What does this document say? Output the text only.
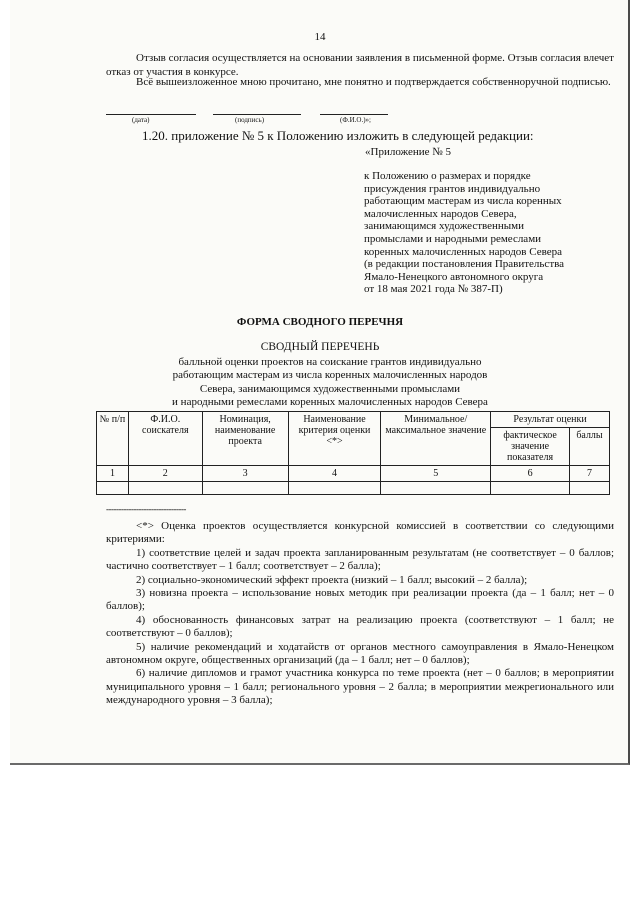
14
Отзыв согласия осуществляется на основании заявления в письменной форме. Отзыв согласия влечет отказ от участия в конкурсе.
Всё вышеизложенное мною прочитано, мне понятно и подтверждается собственноручной подписью.
(дата)	(подпись)	(Ф.И.О.)»;
1.20. приложение № 5 к Положению изложить в следующей редакции:
«Приложение № 5
к Положению о размерах и порядке
присуждения грантов индивидуально
работающим мастерам из числа коренных
малочисленных народов Севера,
занимающимся художественными
промыслами и народными ремеслами
коренных малочисленных народов Севера
(в редакции постановления Правительства
Ямало-Ненецкого автономного округа
от 18 мая 2021 года № 387-П)
ФОРМА СВОДНОГО ПЕРЕЧНЯ
СВОДНЫЙ ПЕРЕЧЕНЬ
балльной оценки проектов на соискание грантов индивидуально
работающим мастерам из числа коренных малочисленных народов
Севера, занимающимся художественными промыслами
и народными ремеслами коренных малочисленных народов Севера
№ п/п	Ф.И.О. соискателя	Номинация, наименование проекта	Наименование критерия оценки <*>	Минимальное/ максимальное значение	Результат оценки	
					фактическое значение показателя	баллы
1	2	3	4	5	6	7

--------------------------------
<*> Оценка проектов осуществляется конкурсной комиссией в соответствии со следующими критериями:
1) соответствие целей и задач проекта запланированным результатам (не соответствует – 0 баллов; частично соответствует – 1 балл; соответствует – 2 балла);
2) социально-экономический эффект проекта (низкий – 1 балл; высокий – 2 балла);
3) новизна проекта – использование новых методик при реализации проекта (да – 1 балл; нет – 0 баллов);
4) обоснованность финансовых затрат на реализацию проекта (соответствуют – 1 балл; не соответствуют – 0 баллов);
5) наличие рекомендаций и ходатайств от органов местного самоуправления в Ямало-Ненецком автономном округе, общественных организаций (да – 1 балл; нет – 0 баллов);
6) наличие дипломов и грамот участника конкурса по теме проекта (нет – 0 баллов; в мероприятии муниципального уровня – 1 балл; регионального уровня – 2 балла; в мероприятии межрегионального или международного уровня – 3 балла);
